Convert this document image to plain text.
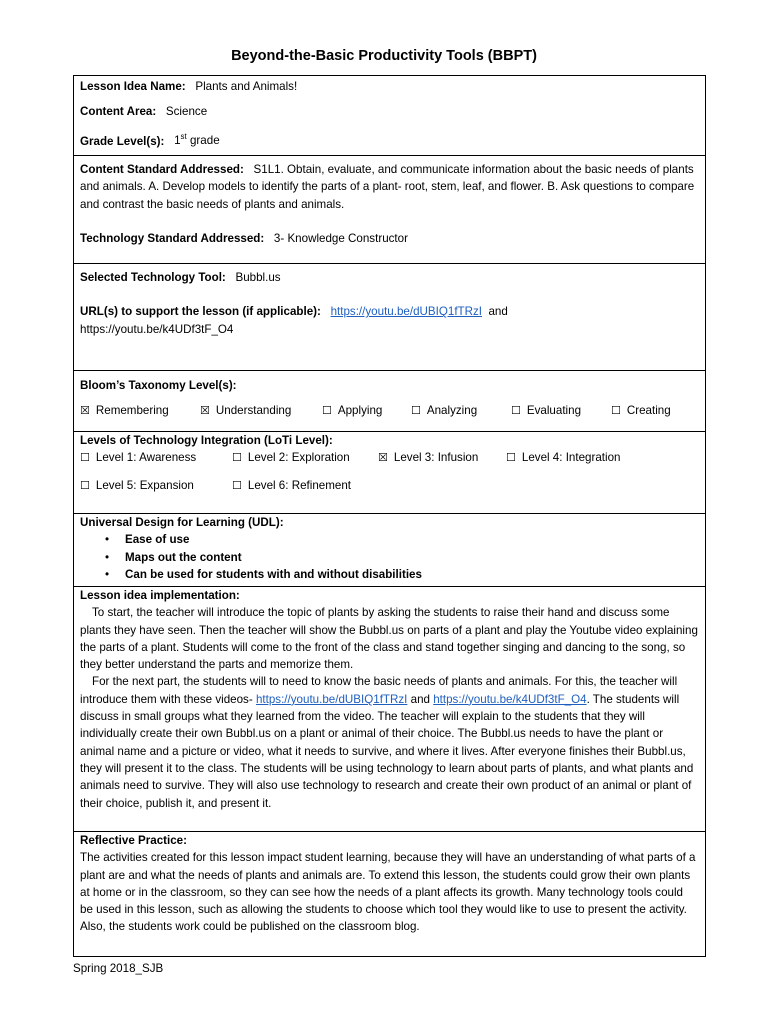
Beyond-the-Basic Productivity Tools (BBPT)
Lesson Idea Name: Plants and Animals!
Content Area: Science
Grade Level(s): 1st grade
Content Standard Addressed: S1L1. Obtain, evaluate, and communicate information about the basic needs of plants and animals. A. Develop models to identify the parts of a plant- root, stem, leaf, and flower. B. Ask questions to compare and contrast the basic needs of plants and animals.
Technology Standard Addressed: 3- Knowledge Constructor
Selected Technology Tool: Bubbl.us
URL(s) to support the lesson (if applicable): https://youtu.be/dUBIQ1fTRzI and
https://youtu.be/k4UDf3tF_O4
Bloom’s Taxonomy Level(s):
☒ Remembering	☒ Understanding	☐ Applying	☐ Analyzing	☐ Evaluating	☐ Creating
Levels of Technology Integration (LoTi Level):
☐ Level 1: Awareness	☐ Level 2: Exploration	☒ Level 3: Infusion	☐ Level 4: Integration
☐ Level 5: Expansion	☐ Level 6: Refinement
Universal Design for Learning (UDL):
• Ease of use
• Maps out the content
• Can be used for students with and without disabilities
Lesson idea implementation:

To start, the teacher will introduce the topic of plants by asking the students to raise their hand and discuss some plants they have seen. Then the teacher will show the Bubbl.us on parts of a plant and play the Youtube video explaining the parts of a plant. Students will come to the front of the class and stand together singing and dancing to the song, so they better understand the parts and memorize them.

For the next part, the students will to need to know the basic needs of plants and animals. For this, the teacher will introduce them with these videos- https://youtu.be/dUBIQ1fTRzI and https://youtu.be/k4UDf3tF_O4. The students will discuss in small groups what they learned from the video. The teacher will explain to the students that they will individually create their own Bubbl.us on a plant or animal of their choice. The Bubbl.us needs to have the plant or animal name and a picture or video, what it needs to survive, and where it lives. After everyone finishes their Bubbl.us, they will present it to the class. The students will be using technology to learn about parts of plants, and what plants and animals need to survive. They will also use technology to research and create their own product of an animal or plant of their choice, publish it, and present it.

Reflective Practice:

The activities created for this lesson impact student learning, because they will have an understanding of what parts of a plant are and what the needs of plants and animals are. To extend this lesson, the students could grow their own plants at home or in the classroom, so they can see how the needs of a plant affects its growth. Many technology tools could be used in this lesson, such as allowing the students to choose which tool they would like to use to present the activity. Also, the students work could be published on the classroom blog.

Spring 2018_SJB
